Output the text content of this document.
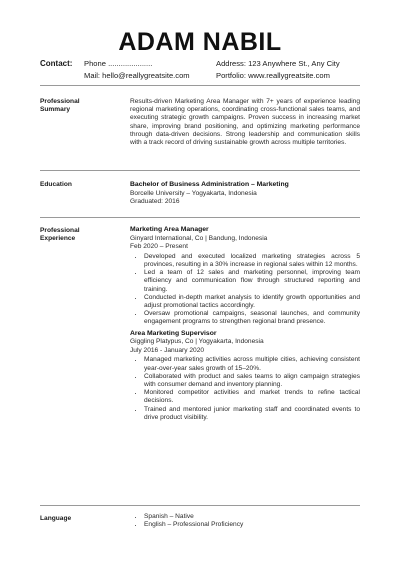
ADAM NABIL
Contact: Phone .....................
Mail: hello@reallygreatsite.com
Address: 123 Anywhere St., Any City
Portfolio: www.reallygreatsite.com
Professional
Summary
Results-driven Marketing Area Manager with 7+ years of experience leading regional marketing operations, coordinating cross-functional sales teams, and executing strategic growth campaigns. Proven success in increasing market share, improving brand positioning, and optimizing marketing performance through data-driven decisions. Strong leadership and communication skills with a track record of driving sustainable growth across multiple territories.
Education	Bachelor of Business Administration – Marketing
Borcelle University – Yogyakarta, Indonesia
Graduated: 2016
Professional
Experience
Marketing Area Manager
Ginyard International, Co | Bandung, Indonesia
Feb 2020 – Present
• Developed and executed localized marketing strategies across 5 provinces, resulting in a 30% increase in regional sales within 12 months.
• Led a team of 12 sales and marketing personnel, improving team efficiency and communication flow through structured reporting and training.
• Conducted in-depth market analysis to identify growth opportunities and adjust promotional tactics accordingly.
• Oversaw promotional campaigns, seasonal launches, and community engagement programs to strengthen regional brand presence.
Area Marketing Supervisor
Giggling Platypus, Co | Yogyakarta, Indonesia
July 2016 - January 2020
• Managed marketing activities across multiple cities, achieving consistent year-over-year sales growth of 15–20%.
• Collaborated with product and sales teams to align campaign strategies with consumer demand and inventory planning.
• Monitored competitor activities and market trends to refine tactical decisions.
• Trained and mentored junior marketing staff and coordinated events to drive product visibility.
Language
•	Spanish – Native
• English – Professional Proficiency
